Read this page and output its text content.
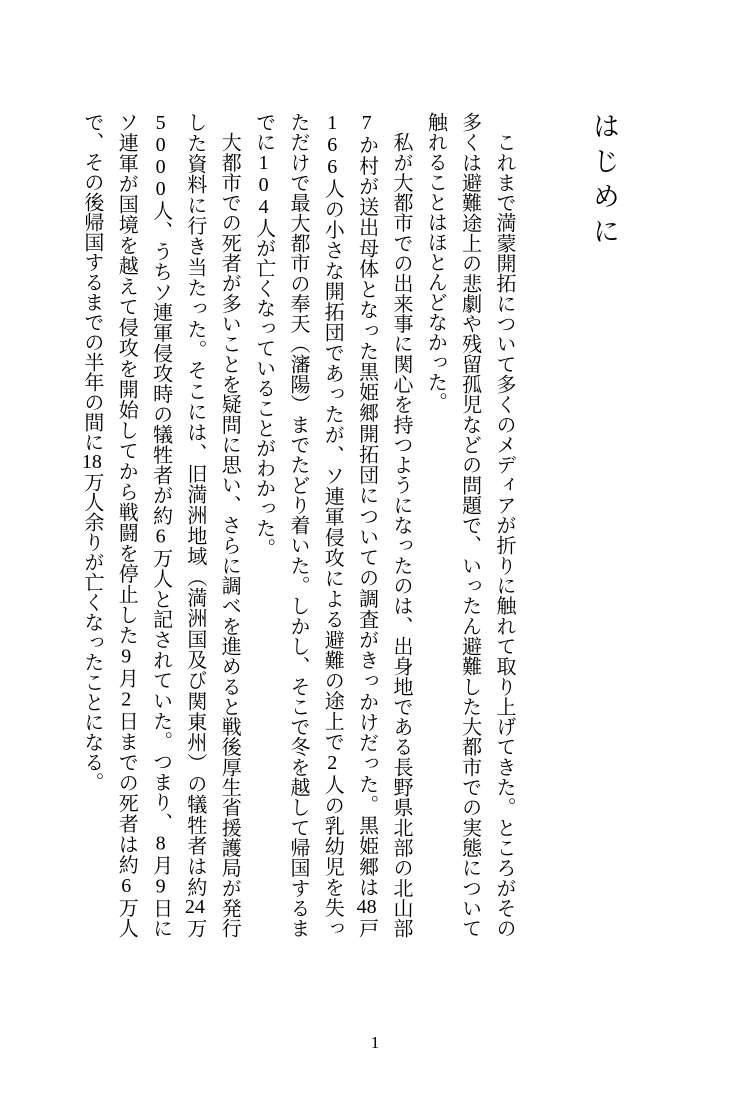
はじめに

これまで満蒙開拓について多くのメディアが折りに触れて取り上げてきた。ところがその多くは避難途上の悲劇や残留孤児などの問題で、いったん避難した大都市での実態について触れることはほとんどなかった。

私が大都市での出来事に関心を持つようになったのは、出身地である長野県北部の北山部7か村が送出母体となった黒姫郷開拓団についての調査がきっかけだった。黒姫郷は48戸166人の小さな開拓団であったが、ソ連軍侵攻による避難の途上で2人の乳幼児を失っただけで最大都市の奉天（瀋陽）までたどり着いた。しかし、そこで冬を越して帰国するまでに104人が亡くなっていることがわかった。

大都市での死者が多いことを疑問に思い、さらに調べを進めると戦後厚生省援護局が発行した資料に行き当たった。そこには、旧満洲地域（満洲国及び関東州）の犠牲者は約24万5000人、うちソ連軍侵攻時の犠牲者が約6万人と記されていた。つまり、8月9日にソ連軍が国境を越えて侵攻を開始してから戦闘を停止した9月2日までの死者は約6万人で、その後帰国するまでの半年の間に18万人余りが亡くなったことになる。

1
